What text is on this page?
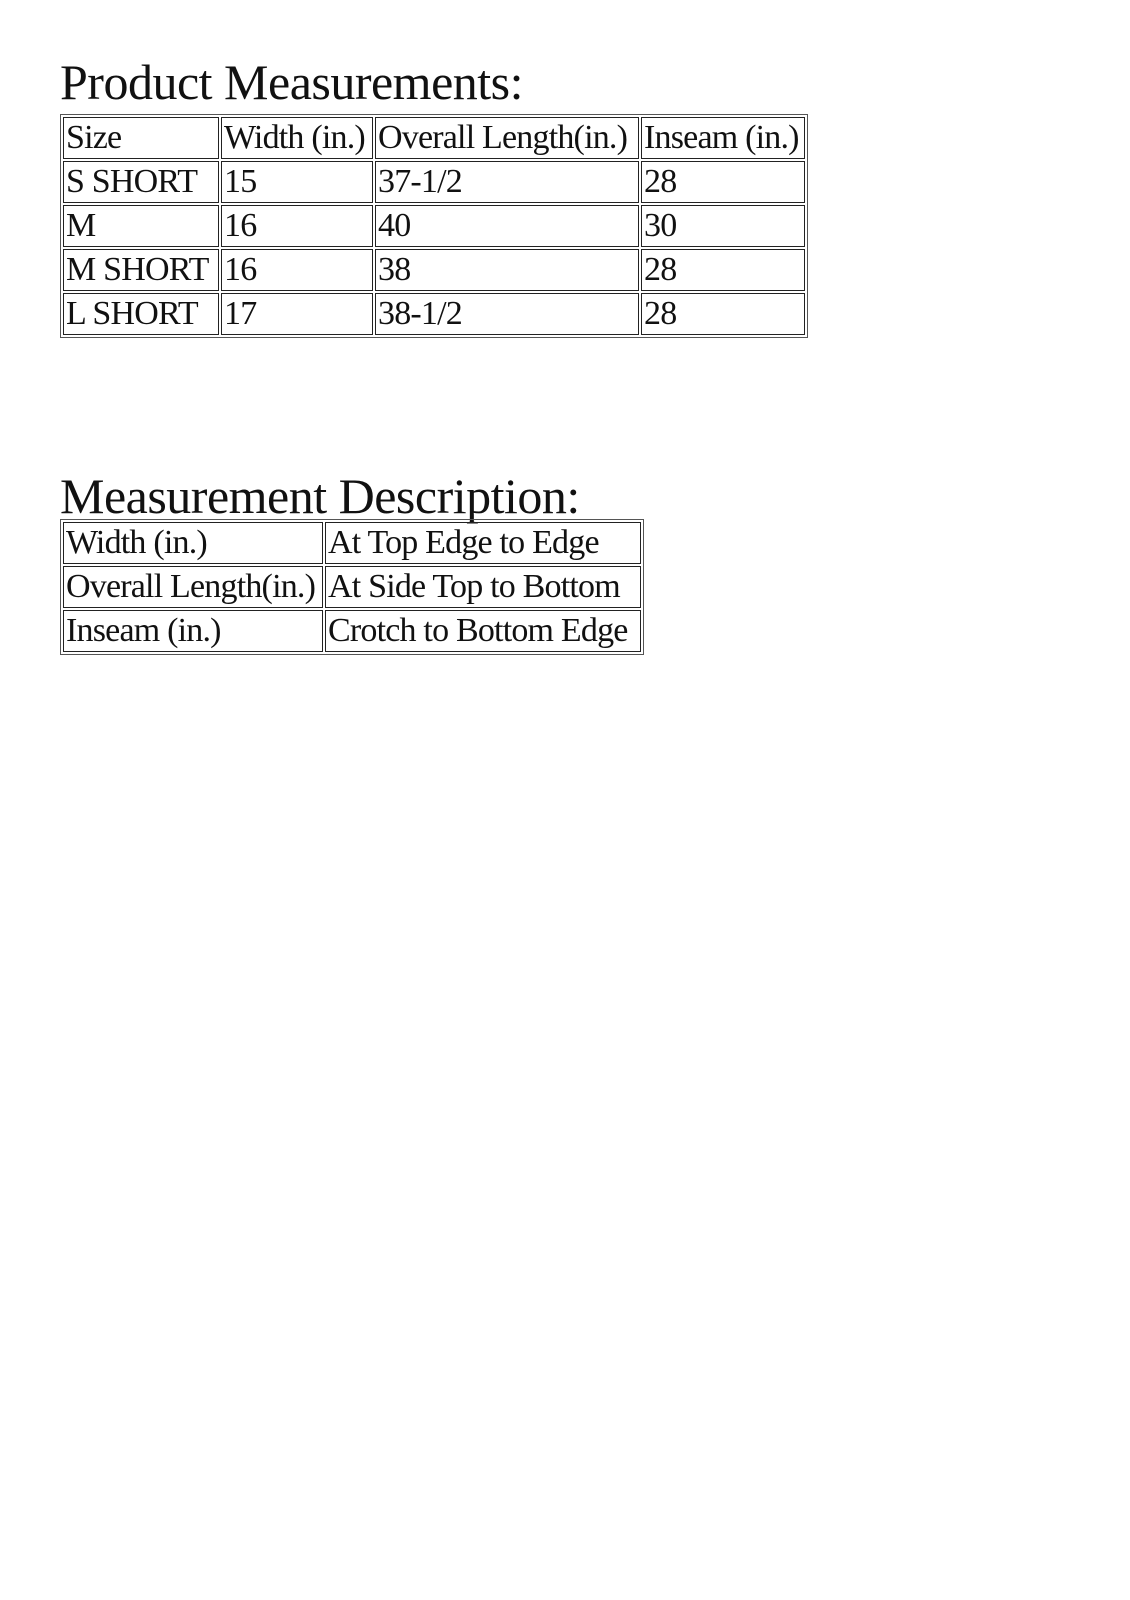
Product Measurements:
Size	Width (in.)	Overall Length(in.)	Inseam (in.)
S SHORT	15	37-1/2	28
M	16	40	30
M SHORT	16	38	28
L SHORT	17	38-1/2	28
Measurement Description:
Width (in.)	At Top Edge to Edge
Overall Length(in.)	At Side Top to Bottom
Inseam (in.)	Crotch to Bottom Edge
